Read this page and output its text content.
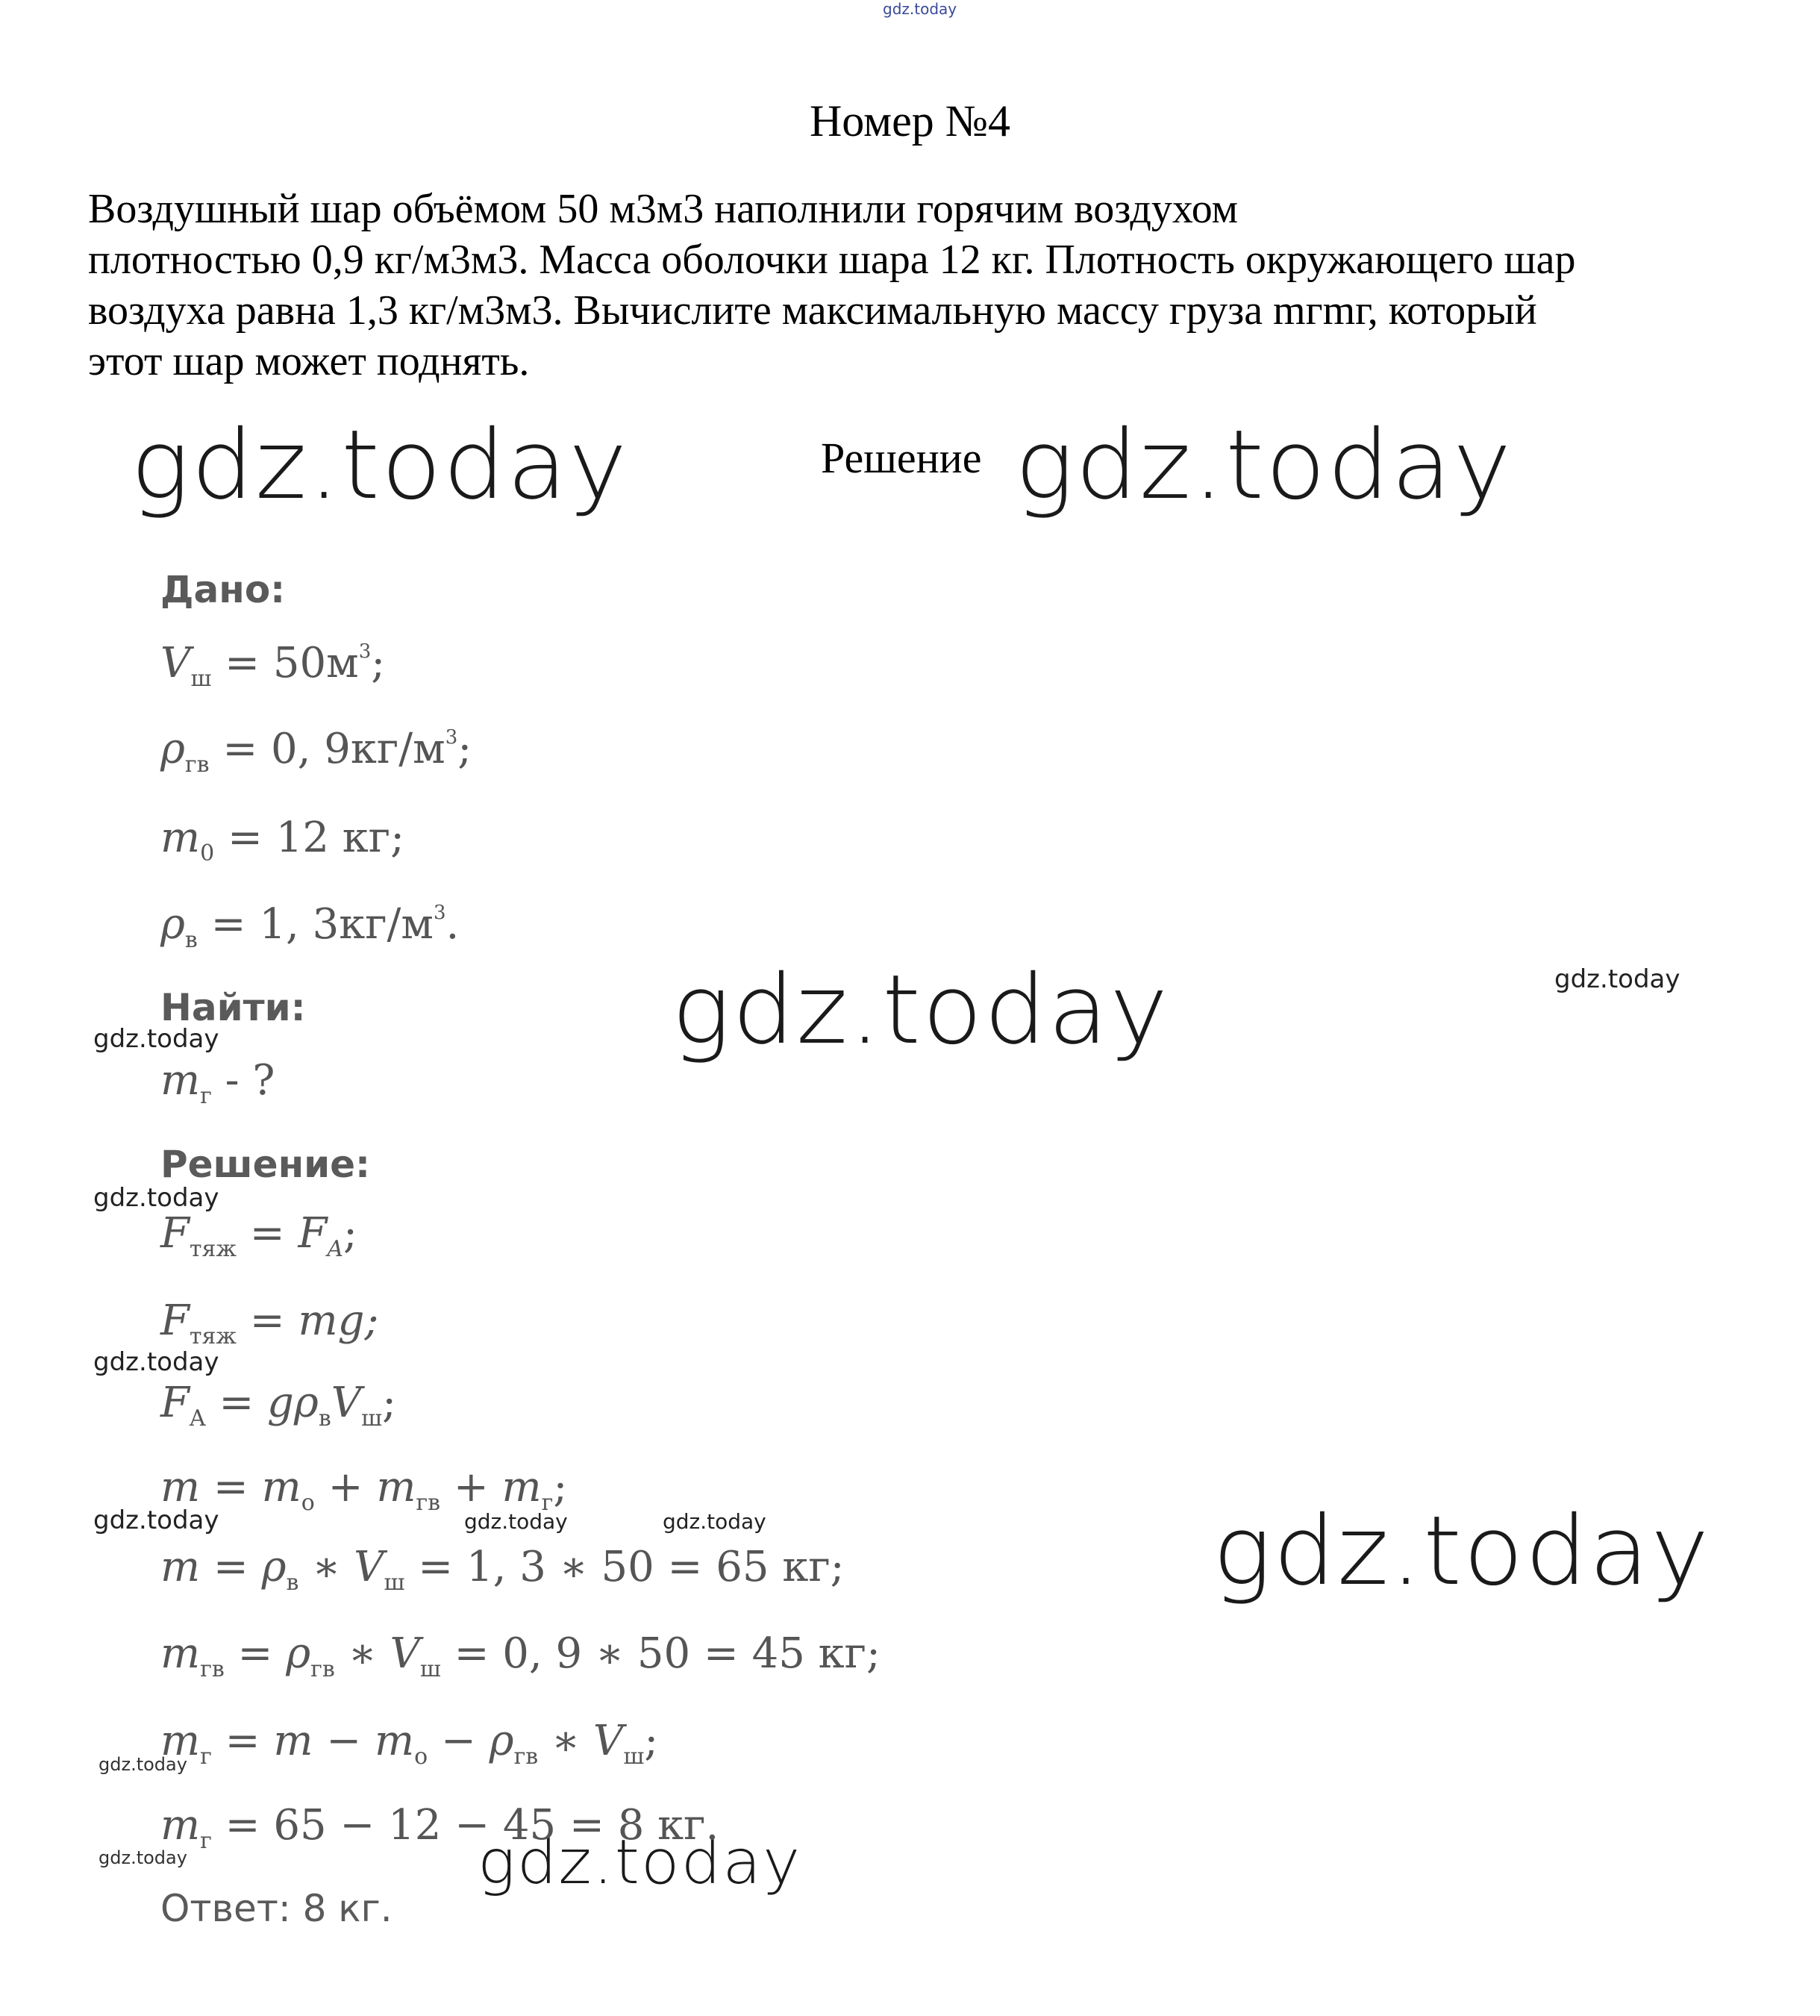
gdz.today
gdz.today	gdz.today
gdz.today
gdz.today
gdz.today
gdz.today
gdz.today
gdz.today
gdz.today
gdz.today	gdz.today	gdz.today
gdz.today
gdz.today
Номер №4
Воздушный шар объёмом 50 м3м3 наполнили горячим воздухом
плотностью 0,9 кг/м3м3. Масса оболочки шара 12 кг. Плотность окружающего шар
воздуха равна 1,3 кг/м3м3. Вычислите максимальную массу груза mгmг, который
этот шар может поднять.
Решение
Дано:
$V_ш = 50м^3$;
$\rho_{гв} = 0$, $9кг/м^3$;
$m_0 = 12$ кг;
$\rho_в = 1$, $3кг/м^3$.
Найти:
$m_г$ - ?
Решение:
$F_{тяж} = F_A$;
$F_{тяж}$ = mg;
$F_A = g\rho_вV_ш$;
$m = m_o + m_{гв} + m_г$;
$m = \rho_в$ ∗ $V_ш = 1$, 3 ∗ 50 = 65 кг;
$m_{гв} = \rho_{гв}$ ∗ $V_ш = 0$, 9 ∗ 50 = 45 кг;
$m_г = m - m_o - \rho_{гв}$ ∗ $V_ш$;
$m_г = 65 - 12 - 45 = 8$ кг.
Ответ: 8 кг.
